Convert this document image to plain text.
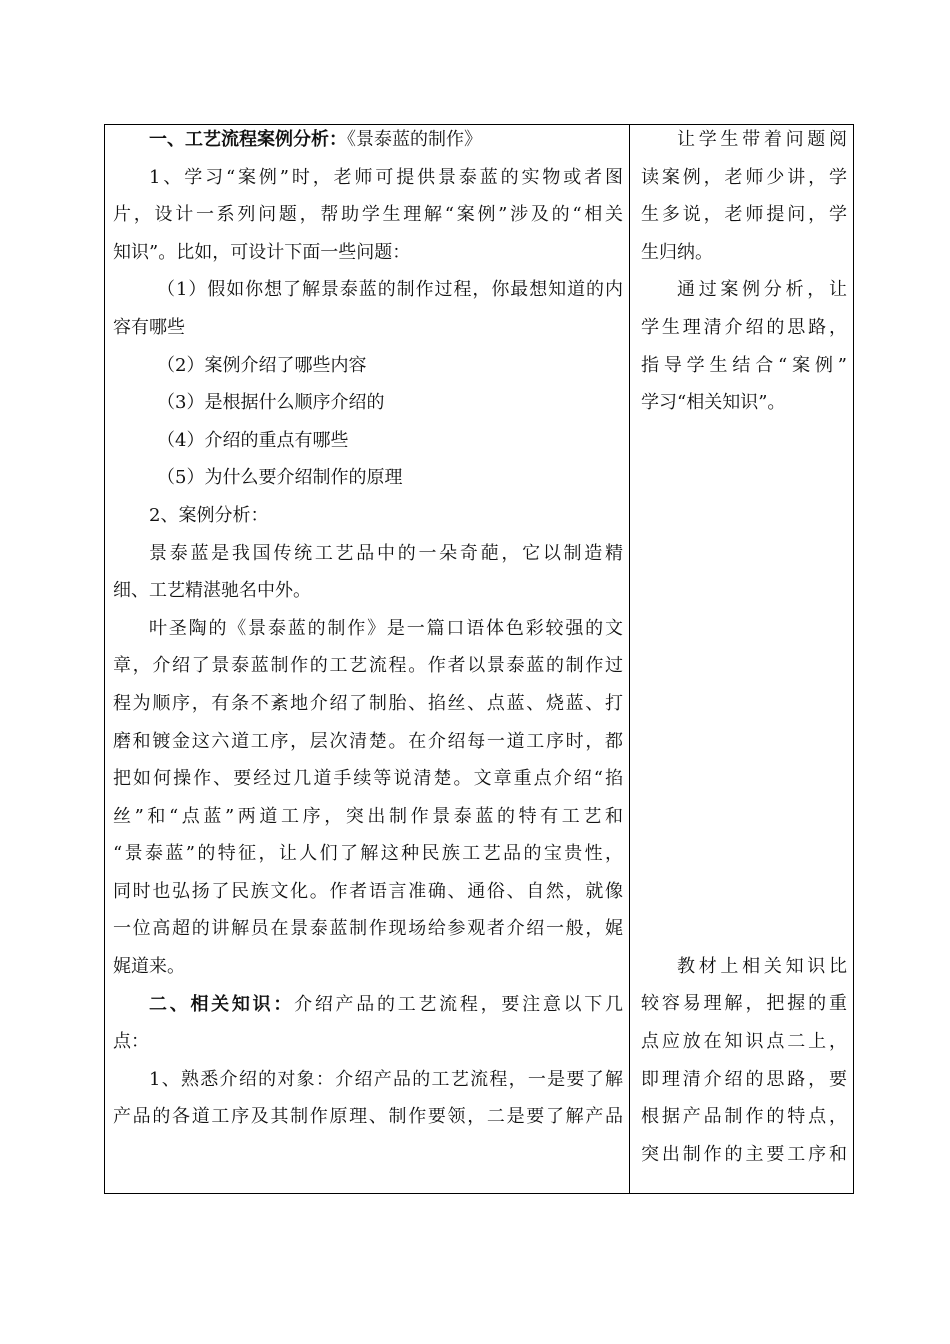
一、工艺流程案例分析：《景泰蓝的制作》
1、学习“案例”时，老师可提供景泰蓝的实物或者图
片，设计一系列问题，帮助学生理解“案例”涉及的“相关
知识”。比如，可设计下面一些问题：
（1）假如你想了解景泰蓝的制作过程，你最想知道的内
容有哪些
（2）案例介绍了哪些内容
（3）是根据什么顺序介绍的
（4）介绍的重点有哪些
（5）为什么要介绍制作的原理
2、案例分析：
景泰蓝是我国传统工艺品中的一朵奇葩，它以制造精
细、工艺精湛驰名中外。
叶圣陶的《景泰蓝的制作》是一篇口语体色彩较强的文
章，介绍了景泰蓝制作的工艺流程。作者以景泰蓝的制作过
程为顺序，有条不紊地介绍了制胎、掐丝、点蓝、烧蓝、打
磨和镀金这六道工序，层次清楚。在介绍每一道工序时，都
把如何操作、要经过几道手续等说清楚。文章重点介绍“掐
丝”和“点蓝”两道工序，突出制作景泰蓝的特有工艺和
“景泰蓝”的特征，让人们了解这种民族工艺品的宝贵性，
同时也弘扬了民族文化。作者语言准确、通俗、自然，就像
一位高超的讲解员在景泰蓝制作现场给参观者介绍一般，娓
娓道来。
二、相关知识：介绍产品的工艺流程，要注意以下几
点：
1、熟悉介绍的对象：介绍产品的工艺流程，一是要了解
产品的各道工序及其制作原理、制作要领，二是要了解产品
让学生带着问题阅
读案例，老师少讲，学
生多说，老师提问，学
生归纳。
通过案例分析，让
学生理清介绍的思路，
指导学生结合“案例”
学习“相关知识”。
教材上相关知识比
较容易理解，把握的重
点应放在知识点二上，
即理清介绍的思路，要
根据产品制作的特点，
突出制作的主要工序和
